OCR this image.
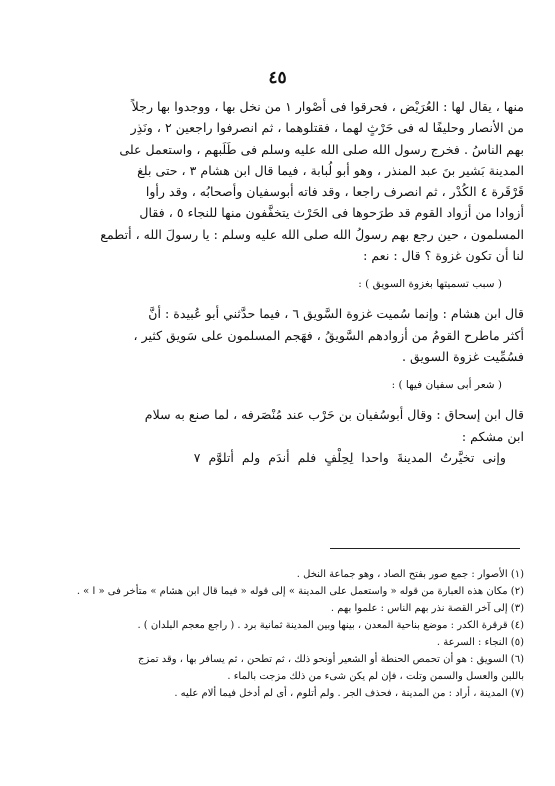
٤٥
منها ، يقال لها : العُرَيْض ، فحرقوا فى أصْوار ١ من نخل بها ، ووجدوا بها رجلاً
من الأنصار وحليفًا له فى حَرْثٍ لهما ، فقتلوهما ، ثم انصرفوا راجعين ٢ ، ونَذِر
بهم الناسُ . فخرج رسول الله صلى الله عليه وسلم فى طَلَبهم ، واستعمل على
المدينة بَشير بنَ عبد المنذر ، وهو أبو لُبابة ، فيما قال ابن هشام ٣ ، حتى بلغ
قَرْقَرة ٤ الكُدْر ، ثم انصرف راجعا ، وقد فاته أبوسفيان وأصحابُه ، وقد رأوا
أزوادا من أزواد القوم قد طرَحوها فى الحَرْث يتخفَّفون منها للنجاء ٥ ، فقال
المسلمون ، حين رجع بهم رسولُ الله صلى الله عليه وسلم : يا رسولَ الله ، أتطمع
لنا أن تكون غزوة ؟ قال : نعم :
( سبب تسميتها بغزوة السويق ) :
قال ابن هشام : وإنما سُميت غزوة السَّويق ٦ ، فيما حدَّثني أبو عُبيدة : أنَّ
أكثر ماطرح القومُ من أزوادهم السَّويقُ ، فهَجم المسلمون على سَويق كثير ،
فسُمِّيت غزوة السويق .
( شعر أبى سفيان فيها ) :
قال ابن إسحاق : وقال أبوسُفيان بن حَرْب عند مُنْصَرفه ، لما صنع به سلام
ابن مشكم :
وإنى تخيَّرتُ المدينةَ واحدا لِحِلْفٍ فلم أندَم ولم أتلوَّم ٧
(١) الأصوار : جمع صور بفتح الصاد ، وهو جماعة النخل .
(٢) مكان هذه العبارة من قوله « واستعمل على المدينة » إلى قوله « فيما قال ابن هشام » متأخر فى « ا » .
(٣) إلى آخر القصة نذر بهم الناس : علموا بهم .
(٤) قرقرة الكدر : موضع بناحية المعدن ، بينها وبين المدينة ثمانية برد . ( راجع معجم البلدان ) .
(٥) النجاء : السرعة .
(٦) السويق : هو أن تحمص الحنطة أو الشعير أونحو ذلك ، ثم تطحن ، ثم يسافر بها ، وقد تمزج
باللبن والعسل والسمن وتلت ، فإن لم يكن شىء من ذلك مزجت بالماء .
(٧) المدينة ، أراد : من المدينة ، فحذف الجر . ولم أتلوم ، أى لم أدخل فيما ألام عليه .
